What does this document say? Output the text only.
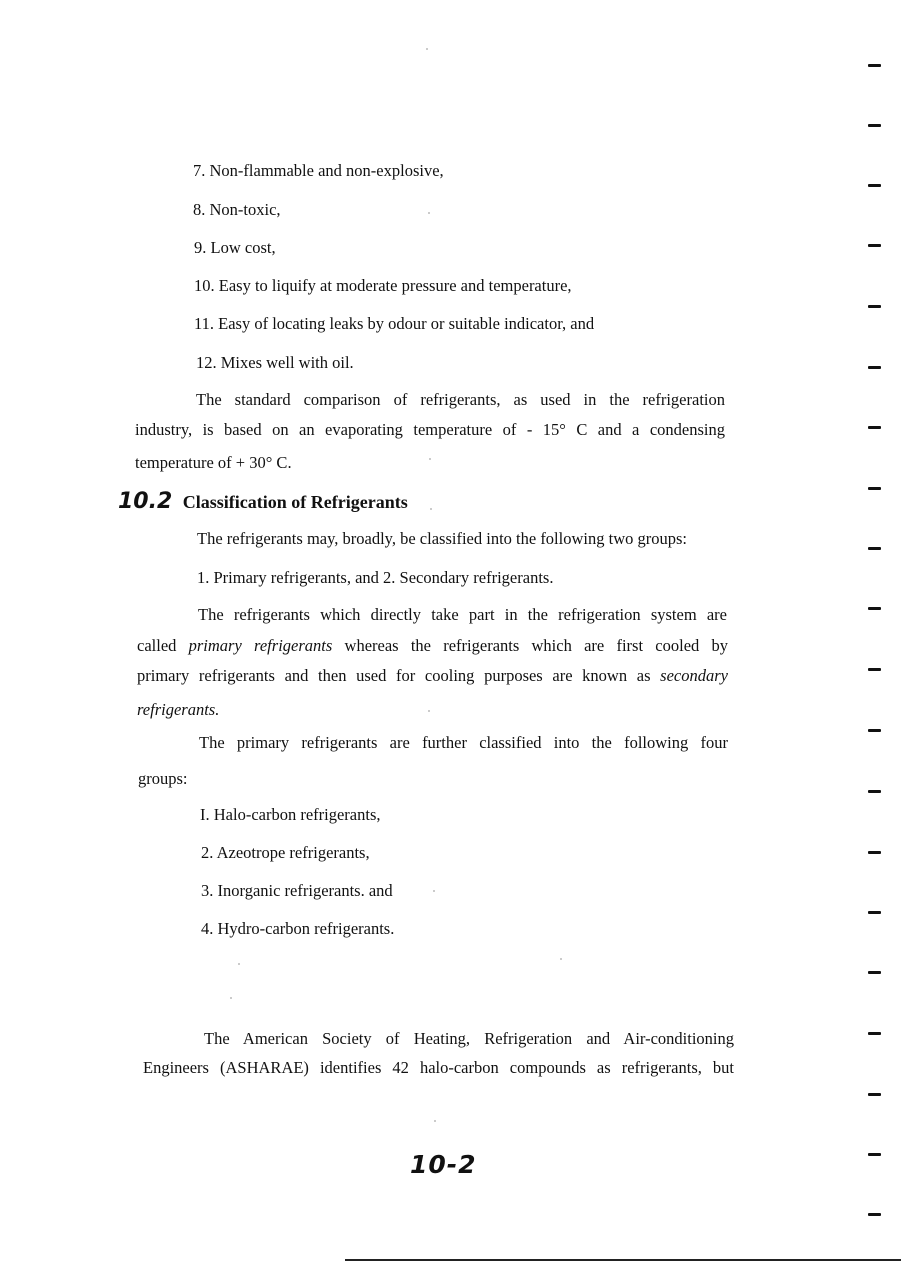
7. Non-flammable and non-explosive,
8. Non-toxic,
9. Low cost,
10. Easy to liquify at moderate pressure and temperature,
11. Easy of locating leaks by odour or suitable indicator, and
12. Mixes well with oil.
The standard comparison of refrigerants, as used in the refrigeration
industry, is based on an evaporating temperature of - 15° C and a condensing
temperature of + 30° C.
10.2 Classification of Refrigerants
The refrigerants may, broadly, be classified into the following two groups:
1. Primary refrigerants, and 2. Secondary refrigerants.
The refrigerants which directly take part in the refrigeration system are
called primary refrigerants whereas the refrigerants which are first cooled by
primary refrigerants and then used for cooling purposes are known as secondary
refrigerants.
The primary refrigerants are further classified into the following four
groups:
I. Halo-carbon refrigerants,
2. Azeotrope refrigerants,
3. Inorganic refrigerants. and
4. Hydro-carbon refrigerants.
The American Society of Heating, Refrigeration and Air-conditioning
Engineers (ASHARAE) identifies 42 halo-carbon compounds as refrigerants, but
10-2
